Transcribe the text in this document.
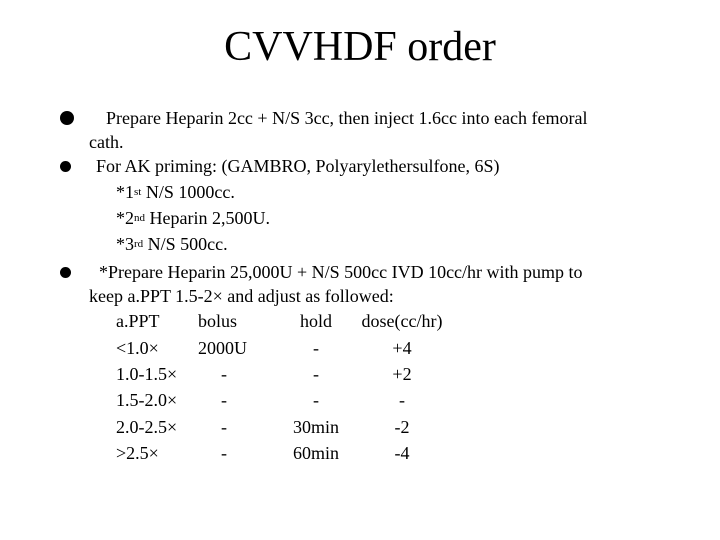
CVVHDF order
Prepare Heparin 2cc + N/S 3cc, then inject 1.6cc into each femoral
cath.
For AK priming: (GAMBRO, Polyarylethersulfone, 6S)
*1st N/S 1000cc.
*2nd Heparin 2,500U.
*3rd N/S 500cc.
*Prepare Heparin 25,000U + N/S 500cc IVD 10cc/hr with pump to
keep a.PPT 1.5-2× and adjust as followed:
a.PPT bolus	hold	dose(cc/hr)
<1.0× 2000U	-	+4
1.0-1.5×	-	-	+2
1.5-2.0×	-	-	-
2.0-2.5×	-	30min	-2
>2.5×	-	60min	-4
